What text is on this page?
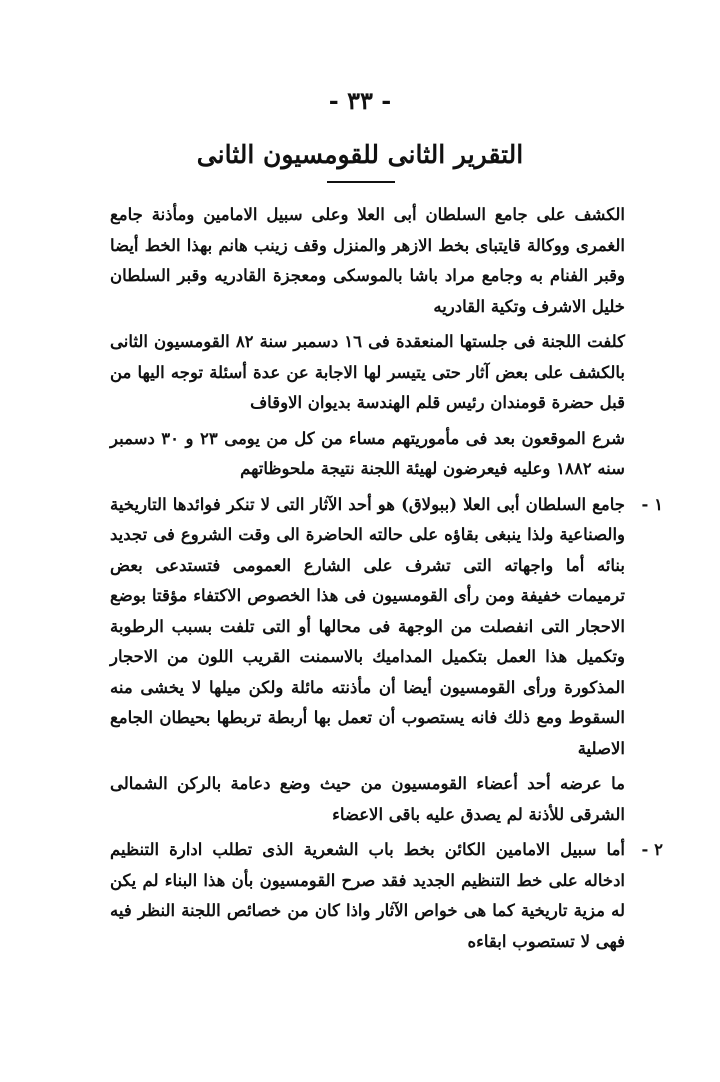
- ٣٣ -
التقرير الثانى للقومسيون الثانى

الكشف على جامع السلطان أبى العلا وعلى سبيل الامامين ومأذنة جامع الغمرى ووكالة قايتباى بخط الازهر والمنزل وقف زينب هانم بهذا الخط أيضا وقبر الفنام به وجامع مراد باشا بالموسكى ومعجزة القادريه وقبر السلطان خليل الاشرف وتكية القادريه

كلفت اللجنة فى جلستها المنعقدة فى ١٦ دسمبر سنة ٨٢ القومسيون الثانى بالكشف على بعض آثار حتى يتيسر لها الاجابة عن عدة أسئلة توجه اليها من قبل حضرة قومندان رئيس قلم الهندسة بديوان الاوقاف

شرع الموقعون بعد فى مأموريتهم مساء من كل من يومى ٢٣ و ٣٠ دسمبر سنه ١٨٨٢ وعليه فيعرضون لهيئة اللجنة نتيجة ملحوظاتهم

١ -
جامع السلطان أبى العلا (ببولاق) هو أحد الآثار التى لا تنكر فوائدها التاريخية والصناعية ولذا ينبغى بقاؤه على حالته الحاضرة الى وقت الشروع فى تجديد بنائه أما واجهاته التى تشرف على الشارع العمومى فتستدعى بعض ترميمات خفيفة ومن رأى القومسيون فى هذا الخصوص الاكتفاء مؤقتا بوضع الاحجار التى انفصلت من الوجهة فى محالها أو التى تلفت بسبب الرطوبة وتكميل هذا العمل بتكميل المداميك بالاسمنت القريب اللون من الاحجار المذكورة ورأى القومسيون أيضا أن مأذنته مائلة ولكن ميلها لا يخشى منه السقوط ومع ذلك فانه يستصوب أن تعمل بها أربطة تربطها بحيطان الجامع الاصلية

ما عرضه أحد أعضاء القومسيون من حيث وضع دعامة بالركن الشمالى الشرقى للأذنة لم يصدق عليه باقى الاعضاء

٢ -
أما سبيل الامامين الكائن بخط باب الشعرية الذى تطلب ادارة التنظيم ادخاله على خط التنظيم الجديد فقد صرح القومسيون بأن هذا البناء لم يكن له مزية تاريخية كما هى خواص الآثار واذا كان من خصائص اللجنة النظر فيه فهى لا تستصوب ابقاءه
